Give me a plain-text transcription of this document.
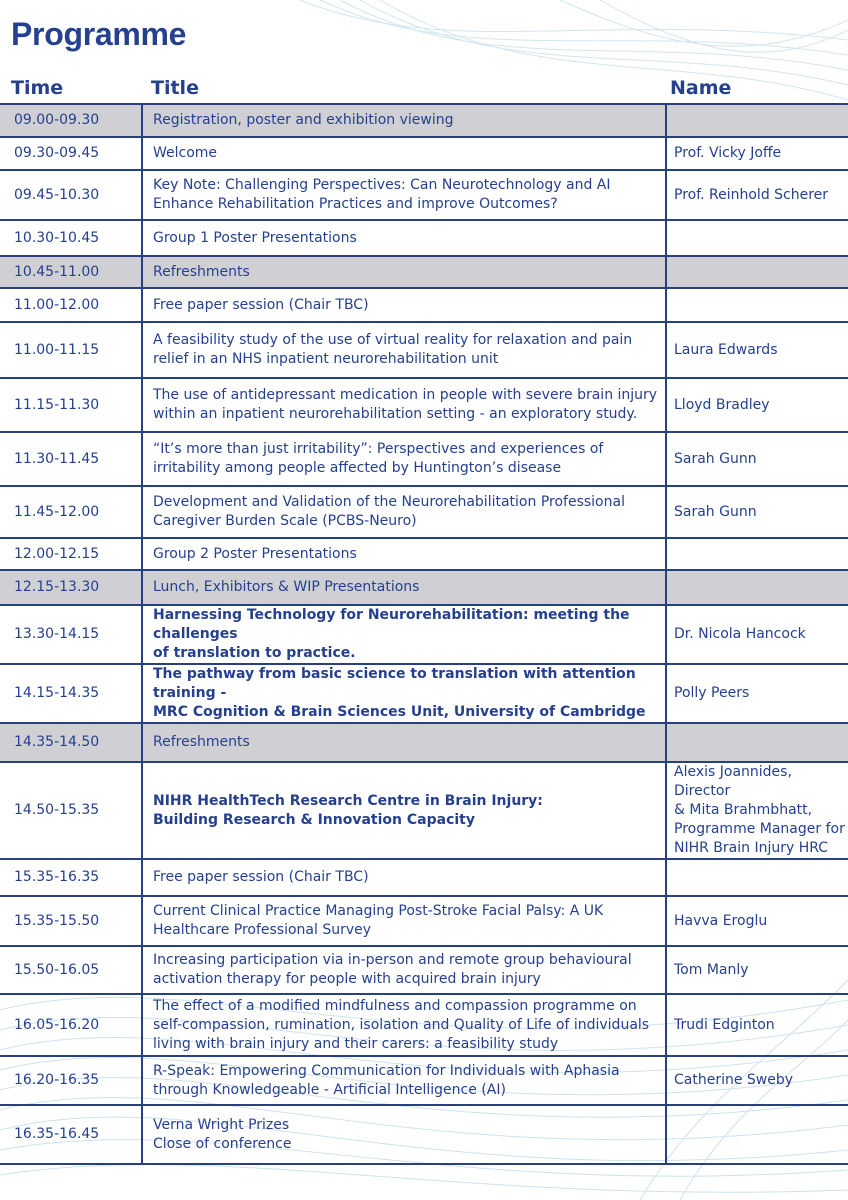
Programme
Time	Title	Name
09.00-09.30	Registration, poster and exhibition viewing	

09.30-09.45	Welcome	Prof. Vicky Joffe

09.45-10.30	Key Note: Challenging Perspectives: Can Neurotechnology and AI
Enhance Rehabilitation Practices and improve Outcomes?	Prof. Reinhold Scherer

10.30-10.45	Group 1 Poster Presentations	

10.45-11.00	Refreshments	

11.00-12.00	Free paper session (Chair TBC)	

11.00-11.15	A feasibility study of the use of virtual reality for relaxation and pain
relief in an NHS inpatient neurorehabilitation unit	Laura Edwards

11.15-11.30	The use of antidepressant medication in people with severe brain injury
within an inpatient neurorehabilitation setting - an exploratory study.	Lloyd Bradley

11.30-11.45	“It’s more than just irritability”: Perspectives and experiences of
irritability among people affected by Huntington’s disease	Sarah Gunn

11.45-12.00	Development and Validation of the Neurorehabilitation Professional
Caregiver Burden Scale (PCBS-Neuro)	Sarah Gunn

12.00-12.15	Group 2 Poster Presentations	

12.15-13.30	Lunch, Exhibitors & WIP Presentations	

13.30-14.15	Harnessing Technology for Neurorehabilitation: meeting the challenges
of translation to practice.	Dr. Nicola Hancock

14.15-14.35	The pathway from basic science to translation with attention training -
MRC Cognition & Brain Sciences Unit, University of Cambridge	Polly Peers

14.35-14.50	Refreshments	

14.50-15.35	NIHR HealthTech Research Centre in Brain Injury:
Building Research & Innovation Capacity	Alexis Joannides, Director
& Mita Brahmbhatt,
Programme Manager for
NIHR Brain Injury HRC

15.35-16.35	Free paper session (Chair TBC)	

15.35-15.50	Current Clinical Practice Managing Post-Stroke Facial Palsy: A UK
Healthcare Professional Survey	Havva Eroglu

15.50-16.05	Increasing participation via in-person and remote group behavioural
activation therapy for people with acquired brain injury	Tom Manly

16.05-16.20	The effect of a modified mindfulness and compassion programme on
self-compassion, rumination, isolation and Quality of Life of individuals
living with brain injury and their carers: a feasibility study	Trudi Edginton

16.20-16.35	R-Speak: Empowering Communication for Individuals with Aphasia
through Knowledgeable - Artificial Intelligence (AI)	Catherine Sweby

16.35-16.45	Verna Wright Prizes
Close of conference	
